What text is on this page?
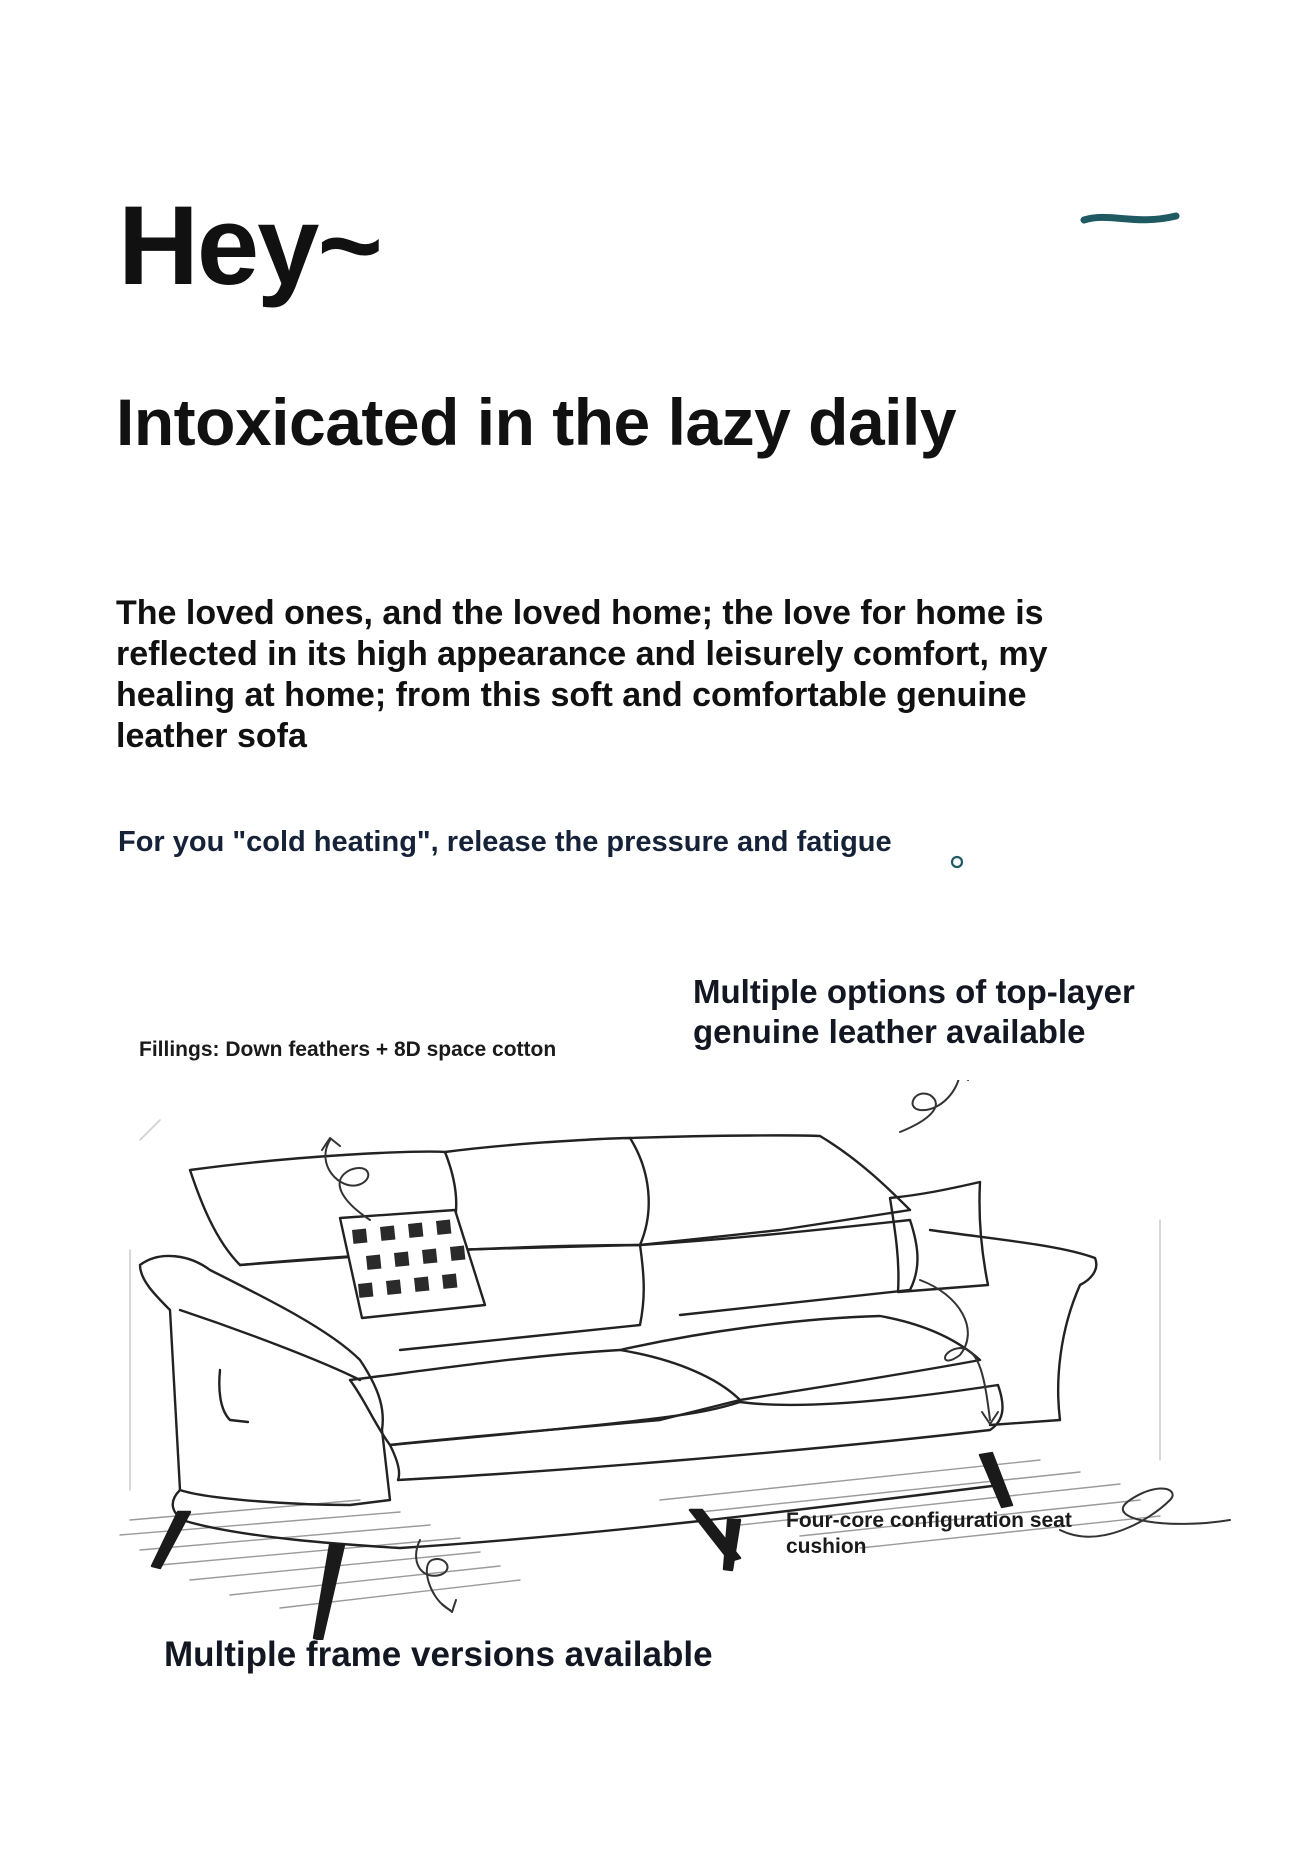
Hey~
Intoxicated in the lazy daily
The loved ones, and the loved home; the love for home is reflected in its high appearance and leisurely comfort, my healing at home; from this soft and comfortable genuine leather sofa
For you "cold heating", release the pressure and fatigue
Multiple options of top-layer genuine leather available
Fillings: Down feathers + 8D space cotton
Four-core configuration seat cushion
Multiple frame versions available
